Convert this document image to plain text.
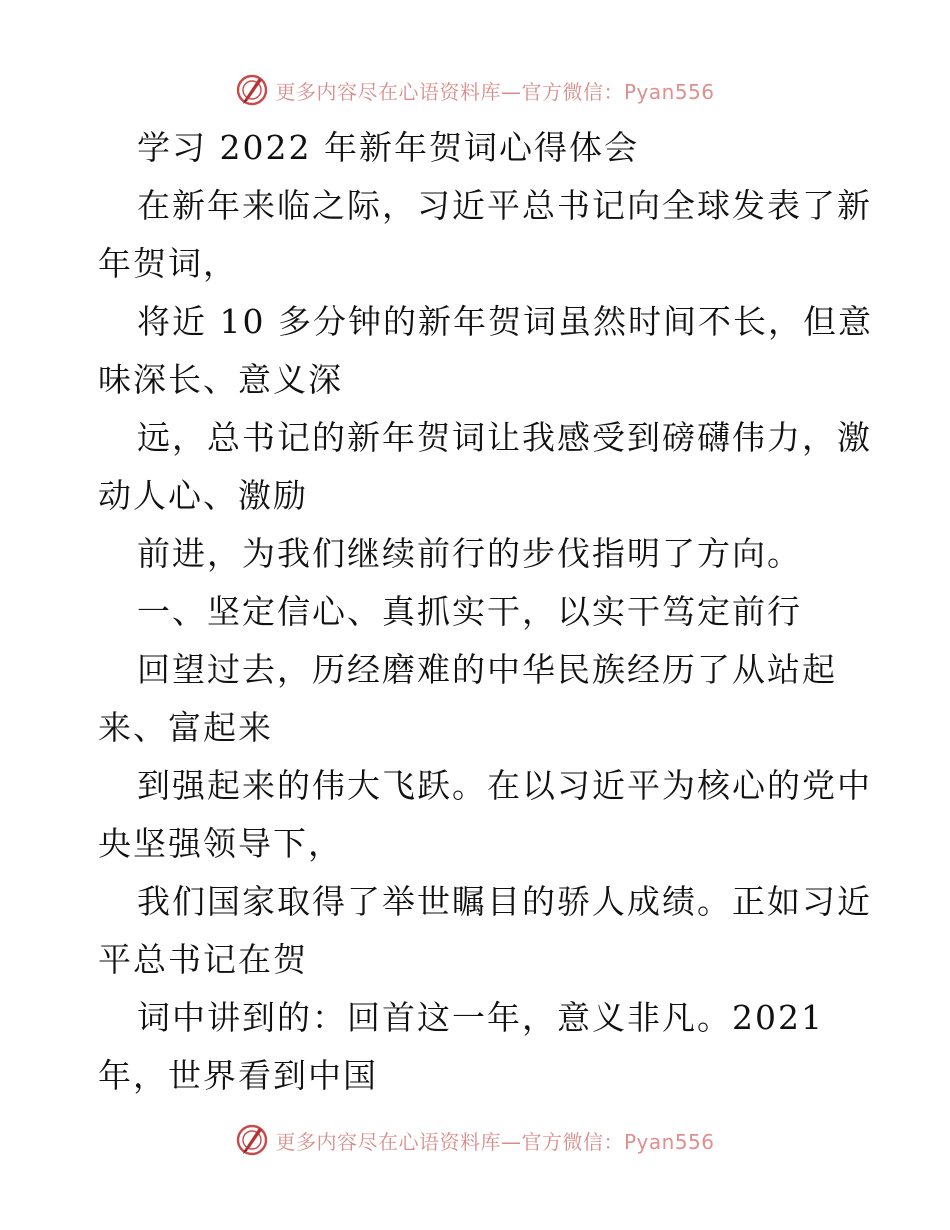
更多内容尽在心语资料库—官方微信：Pyan556
学习 2022 年新年贺词心得体会
在新年来临之际，习近平总书记向全球发表了新
年贺词，
将近 10 多分钟的新年贺词虽然时间不长，但意
味深长、意义深
远，总书记的新年贺词让我感受到磅礴伟力，激
动人心、激励
前进，为我们继续前行的步伐指明了方向。
一、坚定信心、真抓实干，以实干笃定前行
回望过去，历经磨难的中华民族经历了从站起
来、富起来
到强起来的伟大飞跃。在以习近平为核心的党中
央坚强领导下，
我们国家取得了举世瞩目的骄人成绩。正如习近
平总书记在贺
词中讲到的：回首这一年，意义非凡。2021
年，世界看到中国
更多内容尽在心语资料库—官方微信：Pyan556
